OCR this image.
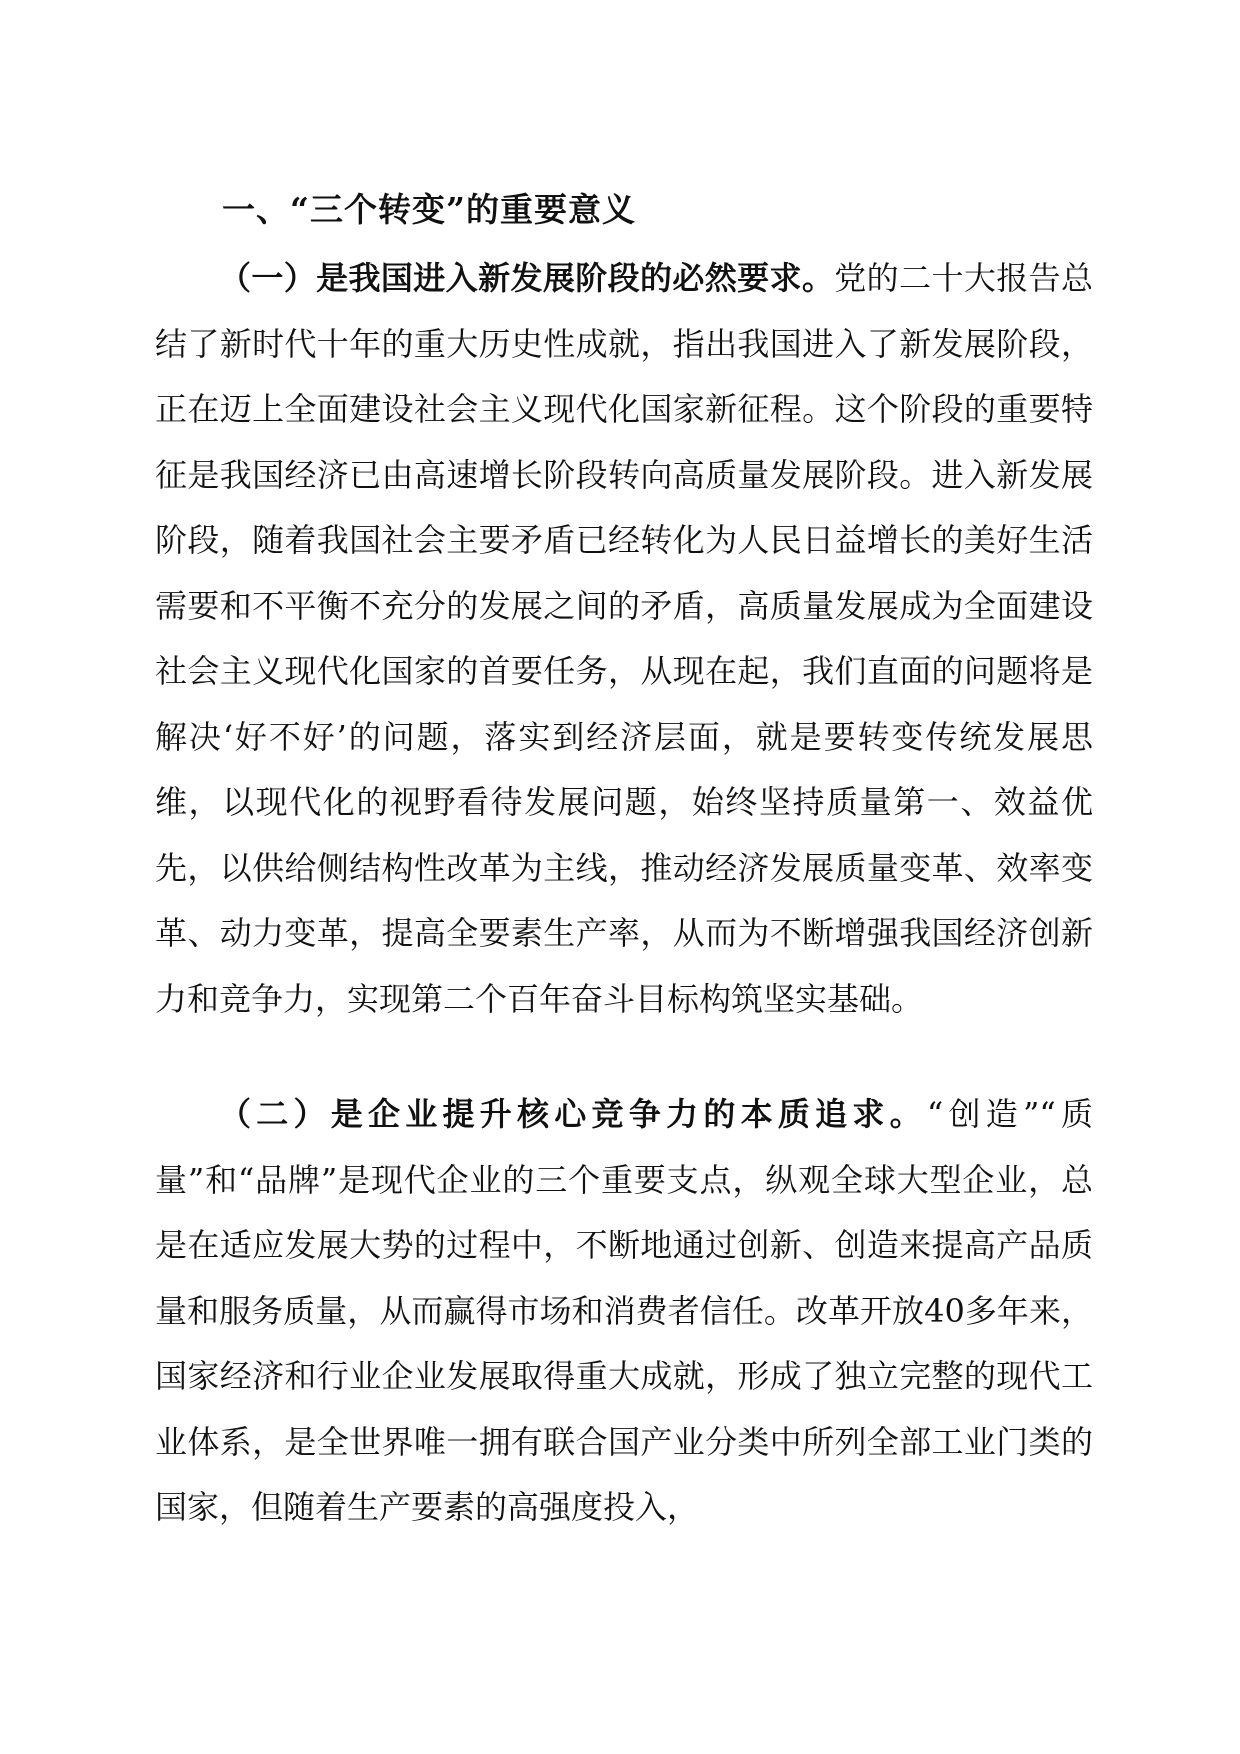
一、“三个转变”的重要意义

（一）是我国进入新发展阶段的必然要求。党的二十大报告总结了新时代十年的重大历史性成就，指出我国进入了新发展阶段，正在迈上全面建设社会主义现代化国家新征程。这个阶段的重要特征是我国经济已由高速增长阶段转向高质量发展阶段。进入新发展阶段，随着我国社会主要矛盾已经转化为人民日益增长的美好生活需要和不平衡不充分的发展之间的矛盾，高质量发展成为全面建设社会主义现代化国家的首要任务，从现在起，我们直面的问题将是解决‘好不好’的问题，落实到经济层面，就是要转变传统发展思维，以现代化的视野看待发展问题，始终坚持质量第一、效益优先，以供给侧结构性改革为主线，推动经济发展质量变革、效率变革、动力变革，提高全要素生产率，从而为不断增强我国经济创新力和竞争力，实现第二个百年奋斗目标构筑坚实基础。

（二）是企业提升核心竞争力的本质追求。“创造”“质量”和“品牌”是现代企业的三个重要支点，纵观全球大型企业，总是在适应发展大势的过程中，不断地通过创新、创造来提高产品质量和服务质量，从而赢得市场和消费者信任。改革开放40多年来，国家经济和行业企业发展取得重大成就，形成了独立完整的现代工业体系，是全世界唯一拥有联合国产业分类中所列全部工业门类的国家，但随着生产要素的高强度投入，
